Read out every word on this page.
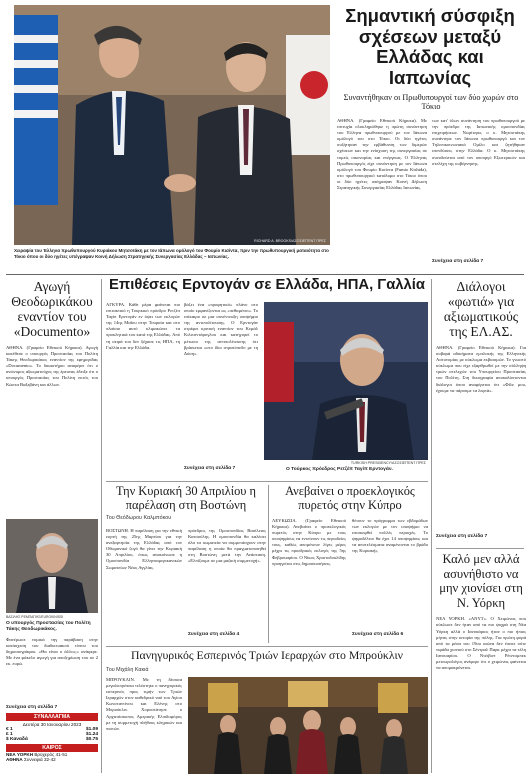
RICHARD A. BROOKS/ΑΣΟΣΙΕΪΤΕΝΤ ΠΡΕΣ
Χειραψία του Έλληνα πρωθυπουργού Κυριάκου Μητσοτάκη με τον Ιάπωνα ομόλογό του Φουμίο Κισίντα, πριν την πρωθυπουργική ματαιότητα στο Τόκιο όπου οι δύο ηγέτες υπέγραψαν Κοινή Δήλωση Στρατηγικής Συνεργασίας Ελλάδας – Ιαπωνίας.
Σημαντική σύσφιξη σχέσεων μεταξύ Ελλάδας και Ιαπωνίας
Συναντήθηκαν οι Πρωθυπουργοί των δύο χωρών στο Τόκιο
ΑΘΗΝΑ. (Γραφείο Εθνικού Κήρυκα). Με επιτυχία ολοκληρώθηκε η πρώτη συνάντηση του Έλληνα πρωθυπουργού με τον Ιάπωνα ομόλογό του στο Τόκιο. Οι δύο ηγέτες συζήτησαν την εμβάθυνση των διμερών σχέσεων και την ενίσχυση της συνεργασίας σε τομείς οικονομίας και ενέργειας. Ο Έλληνας Πρωθυπουργός είχε συνάντηση με τον Ιάπωνα ομόλογό του Φουμίο Κισίντα (Fumio Kishida), στο πρωθυπουργικό κατάλυμα στο Τόκιο όπου οι δύο ηγέτες υπέγραψαν Κοινή Δήλωση Στρατηγικής Συνεργασίας Ελλάδας Ιαπωνίας.
των κατ' όλων συνάντηση του πρωθυπουργού με την πρόεδρο της Ιαπωνικής ομοσπονδίας επιχειρήσεων. Νωρίτερα, ο κ. Μητσοτάκης συνάντησε τον Ιάπωνα πρωθυπουργό και τον Τηλεπικοινωνιακό Ομίλο και ζητήθηκαν επενδύσεις στην Ελλάδα. Ο κ. Μητσοτάκης συνοδεύεται από τον υπουργό Εξωτερικών και στελέχη της κυβέρνησης.
Συνέχεια στη σελίδα 7
Αγωγή Θεοδωρικάκου εναντίον του «Documento»
ΑΘΗΝΑ. (Γραφείο Εθνικού Κήρυκα). Αγωγή κατέθεσε ο υπουργός Προστασίας του Πολίτη Τάκης Θεοδωρικάκος εναντίον της εφημερίδας «Documento». Το δικαστήριο αναφέρει ότι ο ανώνυμος αξιωματούχος της έρευνας έδειξε ότι ο υπουργός Προστασίας του Πολίτη εκτός του Κώστα Βαξεβάνη και άλλων.
ΒΑΣΙΛΗΣ ΡΕΜΠΑΠΗΣ/EUROKINISSI
Ο υπουργός Προστασίας του Πολίτη Τάκης Θεοδωρικάκος.
Φανέρωσε νομικά τηγ παράβαση στην κατάσχεση του διαδικτυακού τόπου του δημοσιογράφου. «Θα είναι ο άλλος;» ανάφερε. Με ένα φάκελο αγωγή για αποζημίωση του σε 2 εκ. ευρώ.
Συνέχεια στη σελίδα 7
Επιθέσεις Ερντογάν σε Ελλάδα, ΗΠΑ, Γαλλία
ΑΓΚΥΡΑ. Κάθε μέρα φαίνεται πιο επιτακτικό η Τουρκικό πρόεδρο Ρετζέπ Ταγίπ Ερντογάν εν όψει των εκλογών της 14ης Μαΐου στην Τουρκία και στο πλαίσιο αυτό κλιμακώνει τα προκλητικά του κατά της Ελλάδας. Από τη σειρά του δεν ξέχασε τις ΗΠΑ, τη Γαλλία και την Ελλάδα.
βάζει ένα «προφητικό» πλάνο στο οποίο εμφανίζονται ως «πεθαμένοι». Το επίκαιρο σε μια συνέντευξη υποψήφιο της αντιπολίτευσης. Ο Ερντογάν στρέφει κριτική εναντίον του Κεμάλ Κιλιτσντάρογλου και κατηγορεί το μέτωπο της αντιπολίτευσης ότι βρίσκεται «στο ίδιο στρατόπεδο με τη Δύση».
TURKISH PRESIDENCY/ΑΣΟΣΙΕΪΤΕΝΤ ΠΡΕΣ
Ο Τούρκος πρόεδρος Ρετζέπ Ταγίπ Ερντογάν.
Συνέχεια στη σελίδα 7
Διάλογοι «φωτιά» για αξιωματικούς της ΕΛ.ΑΣ.
ΑΘΗΝΑ. (Γραφείο Εθνικού Κήρυκα). Για σοβαρά αδικήματα εμπλοκής της Ελληνικής Αστυνομίας με κύκλωμα εκβιασμών. Το γνωστό κύκλωμα που είχε εξαρθρωθεί με την σύλληψη τριών στελεχών του Υπουργείου Προστασίας του Πολίτη. Στη δικογραφία αποκαλύπτονται διάλογοι όπου αναφέρεται ότι «Φίλε μου, έχουμε να πάρουμε τα λεφτά».
Συνέχεια στη σελίδα 7
Καλό μεν αλλά ασυνήθιστο να μην χιονίσει στη Ν. Υόρκη
ΝΕΑ ΥΟΡΚΗ. «ΑΝΥΤ». Ο Χειμώνας που κύκλωσε δεν ήταν από τα πιο ψυχρά στη Νέα Υόρκη αλλά ο Ιανουάριος ήταν ο πιο ήπιος μήνας στην ιστορία της πόλης. Για πρώτη φορά από τα μέσα του 19ου αιώνα δεν έπεσε ούτε νιφάδα χιονιού στο Σέντραλ Παρκ μέχρι τα τέλη Ιανουαρίου. Ο Ντέιβιντ Ρέιντσμπεκ μετεωρολόγος ανέφερε ότι ο χειμώνας φαίνεται να απομακρύνεται.
Την Κυριακή 30 Απριλίου η παρέλαση στη Βοστώνη
Του Θεόδωρου Καλμπόκου
ΒΟΣΤΩΝΗ. Η παρέλαση για την εθνική εορτή της 25ης Μαρτίου για την ανεξαρτησία της Ελλάδας από τον Οθωμανικό ζυγό θα γίνει την Κυριακή 30 Απριλίου, όπως ανακοίνωσε η Ομοσπονδία Ελληνοαμερικανικών Σωματείων Νέας Αγγλίας.
πρόεδρος της Ομοσπονδίας Βασίλειος Κατσούλης. Η ομοσπονδία θα καλέσει όλα τα σωματεία να συμμετάσχουν στην παρέλαση η οποία θα πραγματοποιηθεί στη Βοστώνη μετά την Ανάσταση. «Ελπίζουμε σε μια μαζική συμμετοχή».
Συνέχεια στη σελίδα 4
Ανεβαίνει ο προεκλογικός πυρετός στην Κύπρο
ΛΕΥΚΩΣΙΑ. (Γραφείο Εθνικού Κήρυκα). Ανεβαίνει ο προεκλογικός πυρετός στην Κύπρο με τους υποψηφίους να εντείνουν τις περιοδείες τους, καθώς απομένουν λίγες μέρες μέχρι τις προεδρικές εκλογές της 5ης Φεβρουαρίου. Ο Νίκος Χριστοδουλίδης προηγείται στις δημοσκοπήσεις.
θέτουν το πρόγραμμα των εβδομάδων των εκλογών με τον υποψήφιο να επισκεφθεί πολλές περιοχές. Το ψηφοδέλτιο θα έχει 14 υποψηφίους και τα αποτελέσματα αναμένονται το βράδυ της Κυριακής.
Συνέχεια στη σελίδα 6
Πανηγυρικός Εσπερινός Τριών Ιεραρχών στο Μπρούκλιν
Του Μιχάλη Κακιά
ΜΠΡΟΥΚΛΙΝ. Με τη δέουσα μεγαλοπρέπεια τελέστηκε ο πανηγυρικός εσπερινός προς τιμήν των Τριών Ιεραρχών στον καθεδρικό ναό του Αγίου Κωνσταντίνου και Ελένης στο Μπρούκλιν. Χοροστάτησε ο Αρχιεπίσκοπος Αμερικής Ελπιδοφόρος με τη συμμετοχή πλήθους κληρικών και πιστών.
ΣΥΝΑΛΛΑΓΜΑ
Δευτέρα 30 Ιανουαρίου 2023
€ 1	$1.09
£ 1	$1.24
$ Καναδά	$0.75
ΚΑΙΡΟΣ
ΝΕΑ ΥΟΡΚΗ Βροχερός 41-51
ΑΘΗΝΑ Συννεφιά 32-42
